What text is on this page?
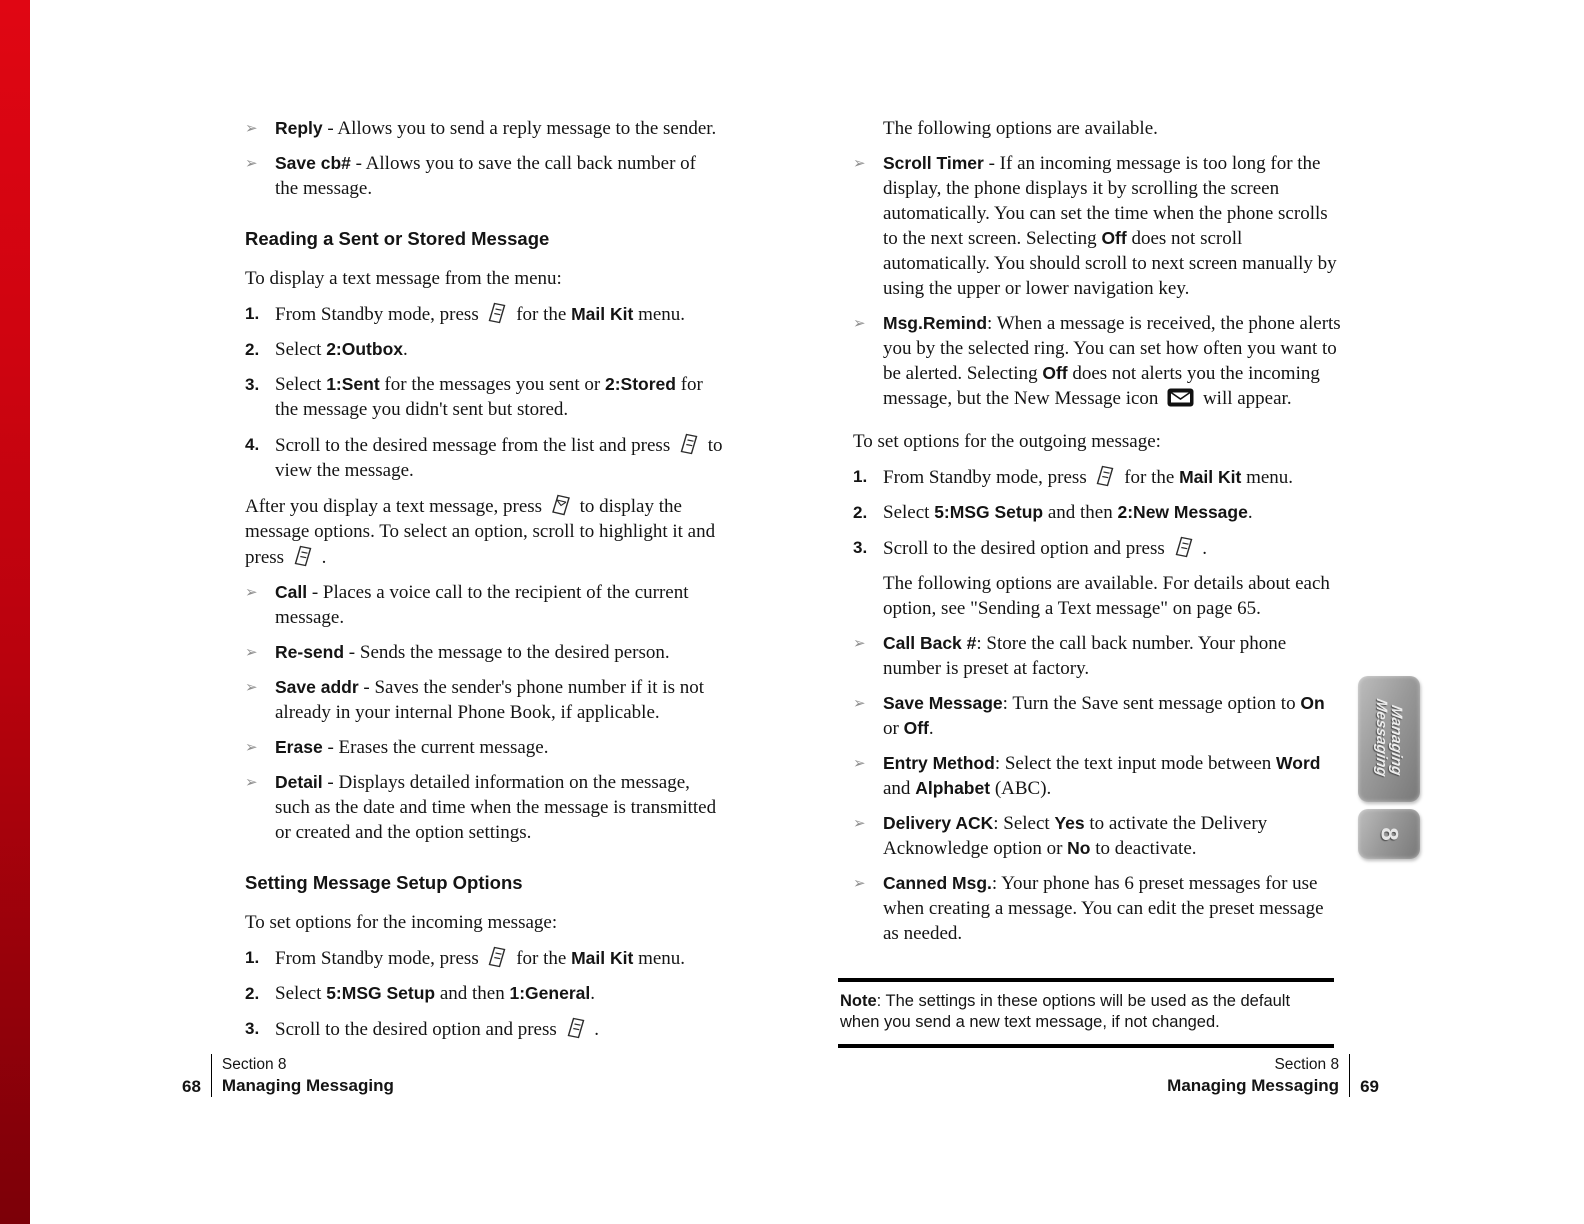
➢ Reply - Allows you to send a reply message to the sender.
➢ Save cb# - Allows you to save the call back number of the message.
Reading a Sent or Stored Message
To display a text message from the menu:
1. From Standby mode, press  for the Mail Kit menu.
2. Select 2:Outbox.
3. Select 1:Sent for the messages you sent or 2:Stored for the message you didn't sent but stored.
4. Scroll to the desired message from the list and press  to view the message.
After you display a text message, press  to display the message options. To select an option, scroll to highlight it and press  .
➢ Call - Places a voice call to the recipient of the current message.
➢ Re-send - Sends the message to the desired person.
➢ Save addr - Saves the sender's phone number if it is not already in your internal Phone Book, if applicable.
➢ Erase - Erases the current message.
➢ Detail - Displays detailed information on the message, such as the date and time when the message is transmitted or created and the option settings.
Setting Message Setup Options
To set options for the incoming message:
1. From Standby mode, press  for the Mail Kit menu.
2. Select 5:MSG Setup and then 1:General.
3. Scroll to the desired option and press  .
The following options are available.
➢ Scroll Timer - If an incoming message is too long for the display, the phone displays it by scrolling the screen automatically. You can set the time when the phone scrolls to the next screen. Selecting Off does not scroll automatically. You should scroll to next screen manually by using the upper or lower navigation key.
➢ Msg.Remind: When a message is received, the phone alerts you by the selected ring. You can set how often you want to be alerted. Selecting Off does not alerts you the incoming message, but the New Message icon  will appear.
To set options for the outgoing message:
1. From Standby mode, press  for the Mail Kit menu.
2. Select 5:MSG Setup and then 2:New Message.
3. Scroll to the desired option and press  .
The following options are available. For details about each option, see "Sending a Text message" on page 65.
➢ Call Back #: Store the call back number. Your phone number is preset at factory.
➢ Save Message: Turn the Save sent message option to On or Off.
➢ Entry Method: Select the text input mode between Word and Alphabet (ABC).
➢ Delivery ACK: Select Yes to activate the Delivery Acknowledge option or No to deactivate.
➢ Canned Msg.: Your phone has 6 preset messages for use when creating a message. You can edit the preset message as needed.
Note: The settings in these options will be used as the default when you send a new text message, if not changed.
Managing
Messaging
8
68
Section 8
Managing Messaging
Section 8
Managing Messaging 69
